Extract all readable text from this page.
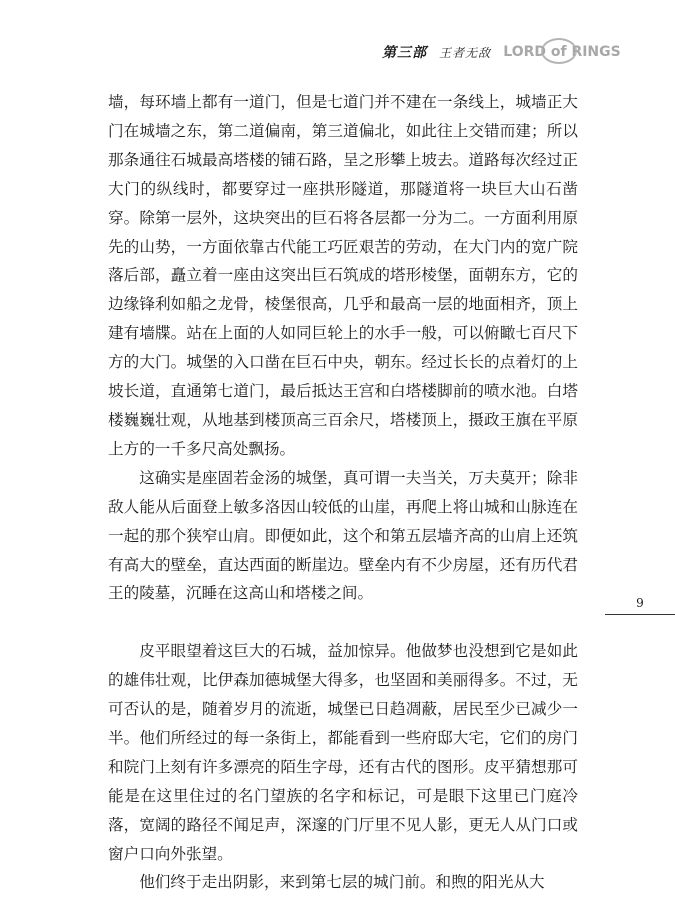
第三部 王者无敌 LORD of RINGS

墙，每环墙上都有一道门，但是七道门并不建在一条线上，城墙正大门在城墙之东，第二道偏南，第三道偏北，如此往上交错而建；所以那条通往石城最高塔楼的铺石路，呈之形攀上坡去。道路每次经过正大门的纵线时，都要穿过一座拱形隧道，那隧道将一块巨大山石凿穿。除第一层外，这块突出的巨石将各层都一分为二。一方面利用原先的山势，一方面依靠古代能工巧匠艰苦的劳动，在大门内的宽广院落后部，矗立着一座由这突出巨石筑成的塔形棱堡，面朝东方，它的边缘锋利如船之龙骨，棱堡很高，几乎和最高一层的地面相齐，顶上建有墙牒。站在上面的人如同巨轮上的水手一般，可以俯瞰七百尺下方的大门。城堡的入口凿在巨石中央，朝东。经过长长的点着灯的上坡长道，直通第七道门，最后抵达王宫和白塔楼脚前的喷水池。白塔楼巍巍壮观，从地基到楼顶高三百余尺，塔楼顶上，摄政王旗在平原上方的一千多尺高处飘扬。

这确实是座固若金汤的城堡，真可谓一夫当关，万夫莫开；除非敌人能从后面登上敏多洛因山较低的山崖，再爬上将山城和山脉连在一起的那个狭窄山肩。即便如此，这个和第五层墙齐高的山肩上还筑有高大的壁垒，直达西面的断崖边。壁垒内有不少房屋，还有历代君王的陵墓，沉睡在这高山和塔楼之间。

皮平眼望着这巨大的石城，益加惊异。他做梦也没想到它是如此的雄伟壮观，比伊森加德城堡大得多，也坚固和美丽得多。不过，无可否认的是，随着岁月的流逝，城堡已日趋凋蔽，居民至少已减少一半。他们所经过的每一条街上，都能看到一些府邸大宅，它们的房门和院门上刻有许多漂亮的陌生字母，还有古代的图形。皮平猜想那可能是在这里住过的名门望族的名字和标记，可是眼下这里已门庭冷落，宽阔的路径不闻足声，深邃的门厅里不见人影，更无人从门口或窗户口向外张望。

他们终于走出阴影，来到第七层的城门前。和煦的阳光从大

9
